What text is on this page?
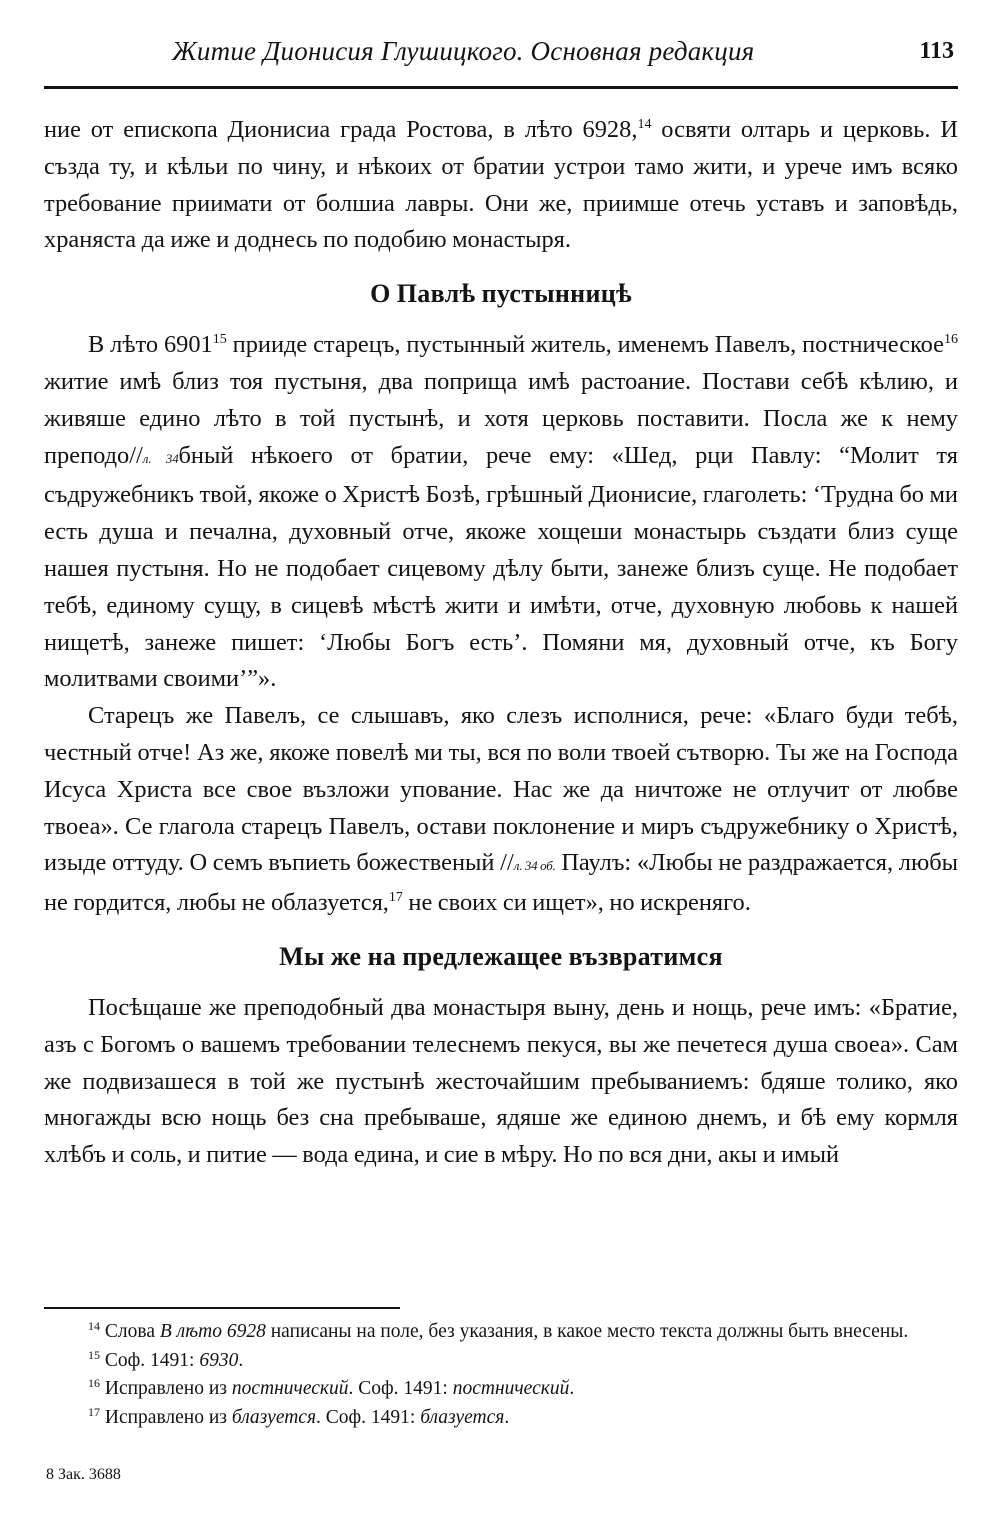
Житие Дионисия Глушицкого. Основная редакция	113

ние от епископа Дионисиа града Ростова, в лѣто 6928,14 освяти олтарь и церковь. И създа ту, и кѣльи по чину, и нѣкоих от братии устрои тамо жити, и урече имъ всяко требование приимати от болшиа лавры. Они же, приимше отечь уставъ и заповѣдь, храняста да иже и доднесь по подобию монастыря.

О Павлѣ пустынницѣ

В лѣто 6901$^{15}$ прииде старецъ, пустынный житель, именемъ Павелъ, постническое$^{16}$ житие имѣ близ тоя пустыня, два поприща имѣ растоание. Постави себѣ кѣлию, и живяше едино лѣто в той пустынѣ, и хотя церковь поставити. Посла же к нему преподо//л. 34бный нѣкоего от братии, рече ему: «Шед, рци Павлу: “Молит тя съдружебникъ твой, якоже о Христѣ Бозѣ, грѣшный Дионисие, глаголеть: ‘Трудна бо ми есть душа и печална, духовный отче, якоже хощеши монастырь създати близ суще нашея пустыня. Но не подобает сицевому дѣлу быти, занеже близъ суще. Не подобает тебѣ, единому сущу, в сицевѣ мѣстѣ жити и имѣти, отче, духовную любовь к нашей нищетѣ, занеже пишет: ‘Любы Богъ есть’. Помяни мя, духовный отче, къ Богу молитвами своими’”».

Старецъ же Павелъ, се слышавъ, яко слезъ исполнися, рече: «Благо буди тебѣ, честный отче! Аз же, якоже повелѣ ми ты, вся по воли твоей сътворю. Ты же на Господа Исуса Христа все свое възложи упование. Нас же да ничтоже не отлучит от любве твоеа». Се глагола старецъ Павелъ, остави поклонение и миръ съдружебнику о Христѣ, изыде оттуду. О семъ въпиеть божественый //л. 34 об. Паулъ: «Любы не раздражается, любы не гордится, любы не облазуется,$^{17}$ не своих си ищет», но искреняго.

Мы же на предлежащее възвратимся

Посѣщаше же преподобный два монастыря выну, день и нощь, рече имъ: «Братие, азъ с Богомъ о вашемъ требовании телеснемъ пекуся, вы же печетеся душа своеа». Сам же подвизашеся в той же пустынѣ жесточайшим пребываниемъ: бдяше толико, яко многажды всю нощь без сна пребываше, ядяше же единою днемъ, и бѣ ему кормля хлѣбъ и соль, и питие — вода едина, и сие в мѣру. Но по вся дни, акы и имый

$^{14}$ Слова В лѣто 6928 написаны на поле, без указания, в какое место текста должны быть внесены.

$^{15}$ Соф. 1491: 6930.

$^{16}$ Исправлено из постнический. Соф. 1491: постнический.

$^{17}$ Исправлено из блазуется. Соф. 1491: блазуется.

8 Зак. 3688
